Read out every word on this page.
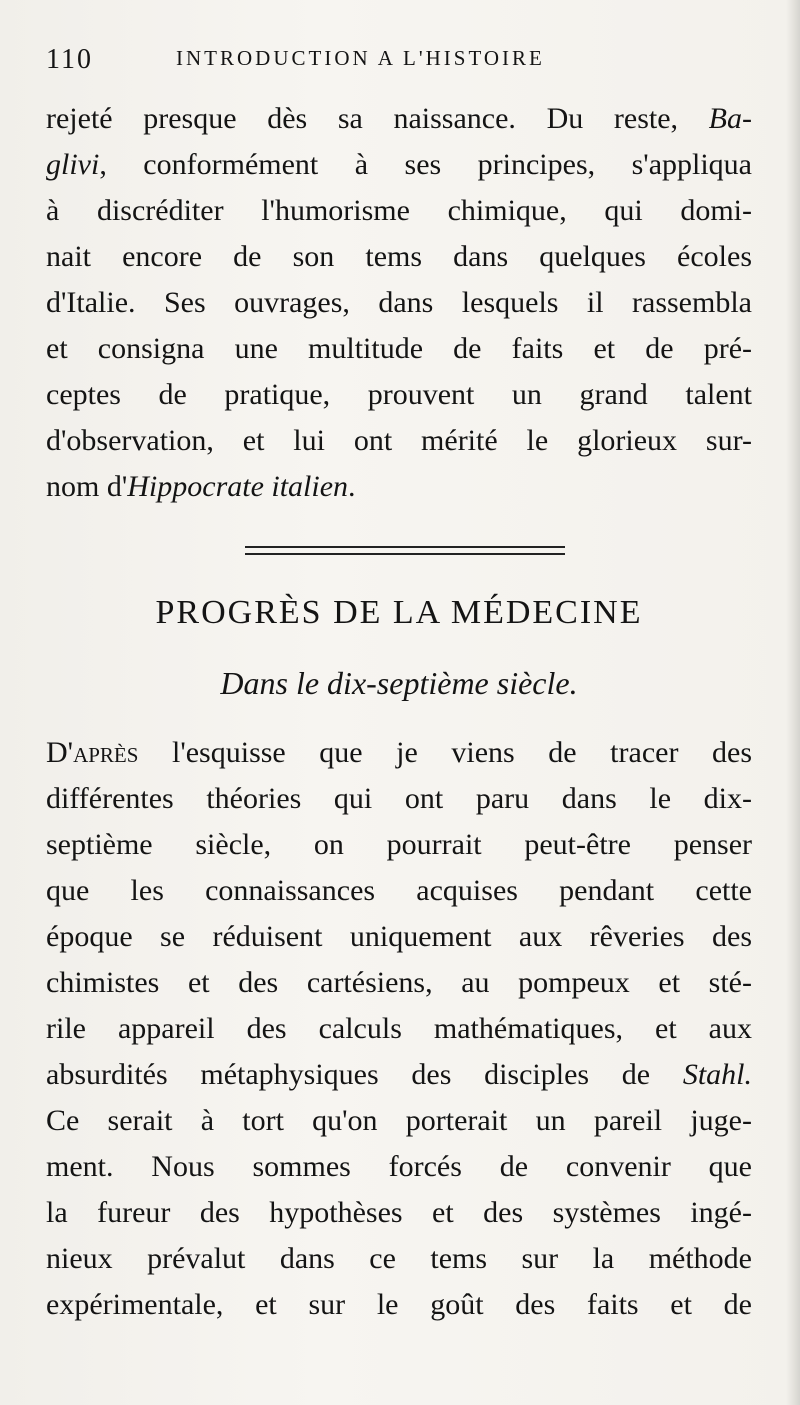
110	INTRODUCTION A L'HISTOIRE
rejeté presque dès sa naissance. Du reste, Ba-
glivi, conformément à ses principes, s'appliqua
à discréditer l'humorisme chimique, qui domi-
nait encore de son tems dans quelques écoles
d'Italie. Ses ouvrages, dans lesquels il rassembla
et consigna une multitude de faits et de pré-
ceptes de pratique, prouvent un grand talent
d'observation, et lui ont mérité le glorieux sur-
nom d'Hippocrate italien.
PROGRÈS DE LA MÉDECINE
Dans le dix-septième siècle.
D'après l'esquisse que je viens de tracer des
différentes théories qui ont paru dans le dix-
septième siècle, on pourrait peut-être penser
que les connaissances acquises pendant cette
époque se réduisent uniquement aux rêveries des
chimistes et des cartésiens, au pompeux et sté-
rile appareil des calculs mathématiques, et aux
absurdités métaphysiques des disciples de Stahl.
Ce serait à tort qu'on porterait un pareil juge-
ment. Nous sommes forcés de convenir que
la fureur des hypothèses et des systèmes ingé-
nieux prévalut dans ce tems sur la méthode
expérimentale, et sur le goût des faits et de
